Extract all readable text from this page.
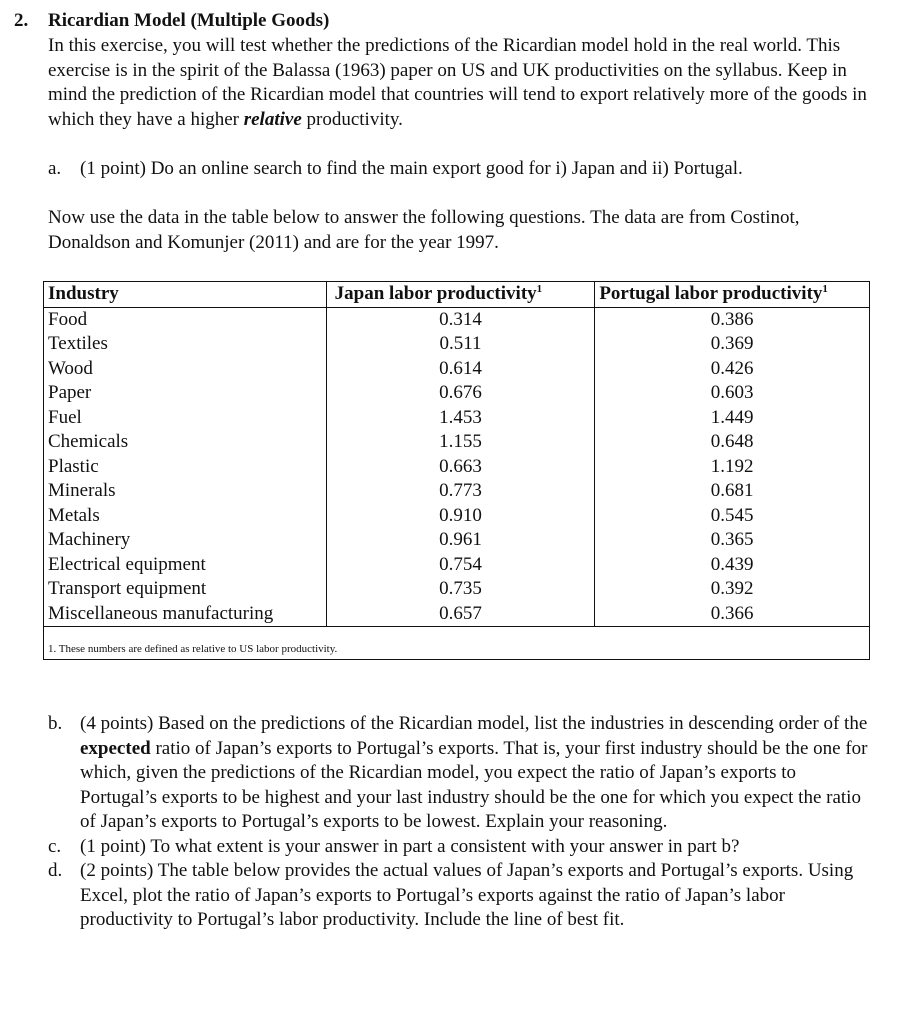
2. Ricardian Model (Multiple Goods)
In this exercise, you will test whether the predictions of the Ricardian model hold in the real world. This exercise is in the spirit of the Balassa (1963) paper on US and UK productivities on the syllabus. Keep in mind the prediction of the Ricardian model that countries will tend to export relatively more of the goods in which they have a higher relative productivity.
a. (1 point) Do an online search to find the main export good for i) Japan and ii) Portugal.
Now use the data in the table below to answer the following questions. The data are from Costinot, Donaldson and Komunjer (2011) and are for the year 1997.
Industry	Japan labor productivity$^1$	Portugal labor productivity$^1$
Food	0.314	0.386
Textiles	0.511	0.369
Wood	0.614	0.426
Paper	0.676	0.603
Fuel	1.453	1.449
Chemicals	1.155	0.648
Plastic	0.663	1.192
Minerals	0.773	0.681
Metals	0.910	0.545
Machinery	0.961	0.365
Electrical equipment	0.754	0.439
Transport equipment	0.735	0.392
Miscellaneous manufacturing	0.657	0.366
1. These numbers are defined as relative to US labor productivity.		

b. (4 points) Based on the predictions of the Ricardian model, list the industries in descending order of the expected ratio of Japan’s exports to Portugal’s exports. That is, your first industry should be the one for which, given the predictions of the Ricardian model, you expect the ratio of Japan’s exports to Portugal’s exports to be highest and your last industry should be the one for which you expect the ratio of Japan’s exports to Portugal’s exports to be lowest. Explain your reasoning.

c. (1 point) To what extent is your answer in part a consistent with your answer in part b?

d. (2 points) The table below provides the actual values of Japan’s exports and Portugal’s exports. Using Excel, plot the ratio of Japan’s exports to Portugal’s exports against the ratio of Japan’s labor productivity to Portugal’s labor productivity. Include the line of best fit.
